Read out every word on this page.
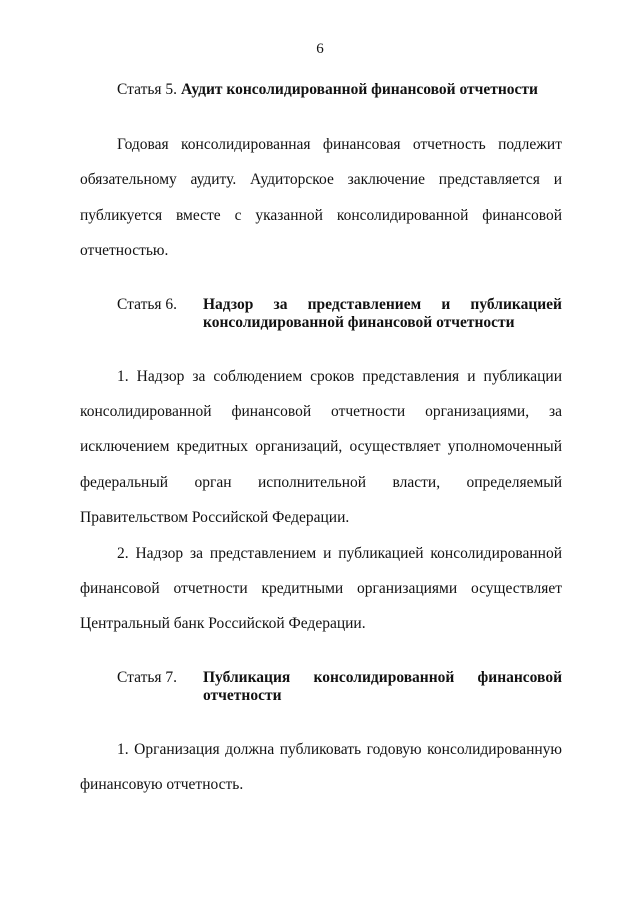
6
Статья 5. Аудит консолидированной финансовой отчетности
Годовая консолидированная финансовая отчетность подлежит
обязательному аудиту. Аудиторское заключение представляется и
публикуется вместе с указанной консолидированной финансовой
отчетностью.
Статья 6. Надзор за представлением и публикацией
консолидированной финансовой отчетности
1. Надзор за соблюдением сроков представления и публикации
консолидированной финансовой отчетности организациями, за
исключением кредитных организаций, осуществляет уполномоченный
федеральный орган исполнительной власти, определяемый
Правительством Российской Федерации.
2. Надзор за представлением и публикацией консолидированной
финансовой отчетности кредитными организациями осуществляет
Центральный банк Российской Федерации.
Статья 7. Публикация консолидированной финансовой
отчетности
1. Организация должна публиковать годовую консолидированную
финансовую отчетность.
